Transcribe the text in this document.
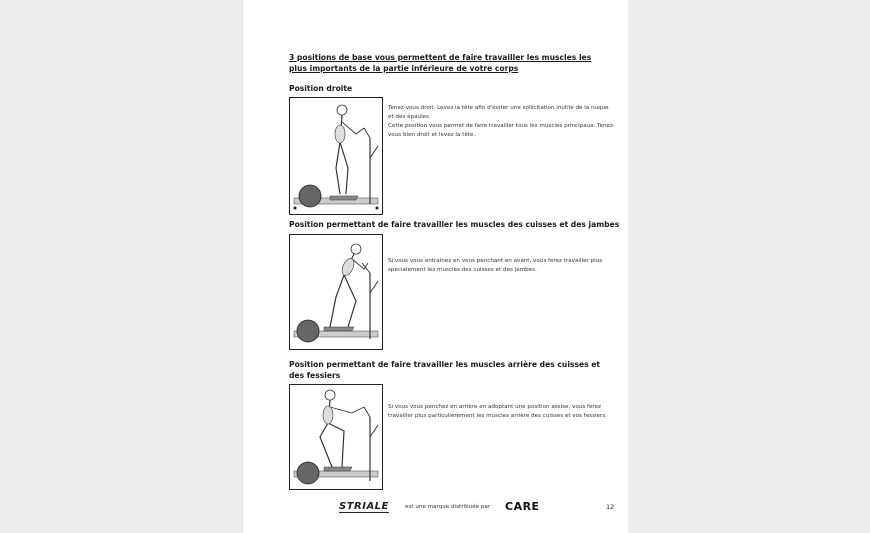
3 positions de base vous permettent de faire travailler les muscles les plus importants de la partie inférieure de votre corps
Position droite

Tenez-vous droit. Levez la tête afin d'éviter une sollicitation inutile de la nuque et des épaules.

Cette position vous permet de faire travailler tous les muscles principaux. Tenez-vous bien droit et levez la tête.

Position permettant de faire travailler les muscles des cuisses et des jambes

Si vous vous entraînez en vous penchant en avant, vous ferez travailler plus spécialement les muscles des cuisses et des jambes.

Position permettant de faire travailler les muscles arrière des cuisses et des fessiers

Si vous vous penchez en arrière en adoptant une position assise, vous ferez travailler plus particulièrement les muscles arrière des cuisses et vos fessiers.

STRIALE	est une marque distribuée par CARE	12
